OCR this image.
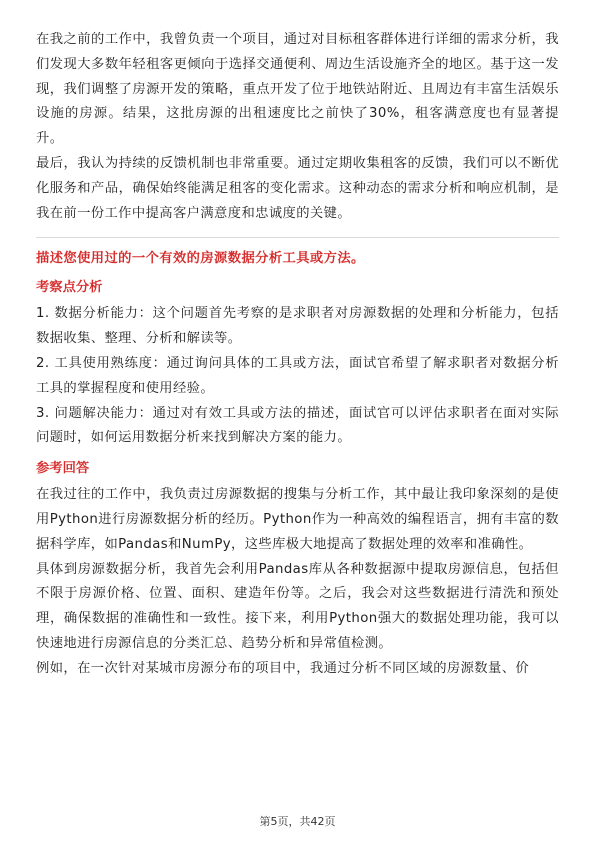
在我之前的工作中，我曾负责一个项目，通过对目标租客群体进行详细的需求分析，我们发现大多数年轻租客更倾向于选择交通便利、周边生活设施齐全的地区。基于这一发现，我们调整了房源开发的策略，重点开发了位于地铁站附近、且周边有丰富生活娱乐设施的房源。结果，这批房源的出租速度比之前快了30%，租客满意度也有显著提升。

最后，我认为持续的反馈机制也非常重要。通过定期收集租客的反馈，我们可以不断优化服务和产品，确保始终能满足租客的变化需求。这种动态的需求分析和响应机制，是我在前一份工作中提高客户满意度和忠诚度的关键。

描述您使用过的一个有效的房源数据分析工具或方法。

考察点分析

1. 数据分析能力：这个问题首先考察的是求职者对房源数据的处理和分析能力，包括数据收集、整理、分析和解读等。

2. 工具使用熟练度：通过询问具体的工具或方法，面试官希望了解求职者对数据分析工具的掌握程度和使用经验。

3. 问题解决能力：通过对有效工具或方法的描述，面试官可以评估求职者在面对实际问题时，如何运用数据分析来找到解决方案的能力。

参考回答

在我过往的工作中，我负责过房源数据的搜集与分析工作，其中最让我印象深刻的是使用Python进行房源数据分析的经历。Python作为一种高效的编程语言，拥有丰富的数据科学库，如Pandas和NumPy，这些库极大地提高了数据处理的效率和准确性。

具体到房源数据分析，我首先会利用Pandas库从各种数据源中提取房源信息，包括但不限于房源价格、位置、面积、建造年份等。之后，我会对这些数据进行清洗和预处理，确保数据的准确性和一致性。接下来，利用Python强大的数据处理功能，我可以快速地进行房源信息的分类汇总、趋势分析和异常值检测。

例如，在一次针对某城市房源分布的项目中，我通过分析不同区域的房源数量、价

第5页，共42页
